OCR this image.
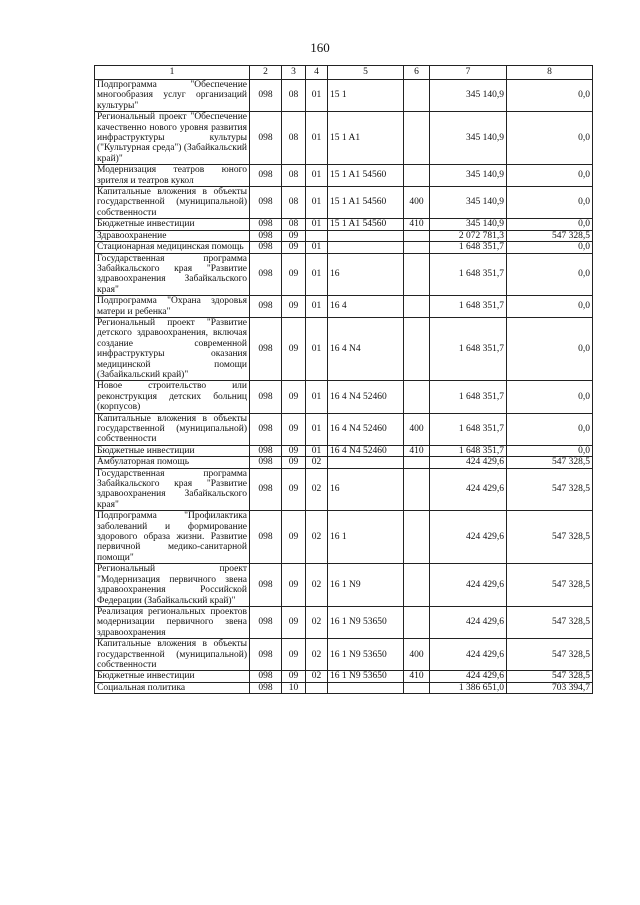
160
1	2	3	4	5	6	7	8
Подпрограмма "Обеспечение многообразия услуг организаций культуры"	098	08	01	15 1		345 140,9	0,0
Региональный проект "Обеспечение качественно нового уровня развития инфраструктуры культуры ("Культурная среда") (Забайкальский край)"	098	08	01	15 1 A1		345 140,9	0,0
Модернизация театров юного зрителя и театров кукол	098	08	01	15 1 A1 54560		345 140,9	0,0
Капитальные вложения в объекты государственной (муниципальной) собственности	098	08	01	15 1 A1 54560	400	345 140,9	0,0
Бюджетные инвестиции	098	08	01	15 1 A1 54560	410	345 140,9	0,0
Здравоохранение	098	09				2 072 781,3	547 328,5
Стационарная медицинская помощь	098	09	01			1 648 351,7	0,0
Государственная программа Забайкальского края "Развитие здравоохранения Забайкальского края"	098	09	01	16		1 648 351,7	0,0
Подпрограмма "Охрана здоровья матери и ребенка"	098	09	01	16 4		1 648 351,7	0,0
Региональный проект "Развитие детского здравоохранения, включая создание современной инфраструктуры оказания медицинской помощи (Забайкальский край)"	098	09	01	16 4 N4		1 648 351,7	0,0
Новое строительство или реконструкция детских больниц (корпусов)	098	09	01	16 4 N4 52460		1 648 351,7	0,0
Капитальные вложения в объекты государственной (муниципальной) собственности	098	09	01	16 4 N4 52460	400	1 648 351,7	0,0
Бюджетные инвестиции	098	09	01	16 4 N4 52460	410	1 648 351,7	0,0
Амбулаторная помощь	098	09	02			424 429,6	547 328,5
Государственная программа Забайкальского края "Развитие здравоохранения Забайкальского края"	098	09	02	16		424 429,6	547 328,5
Подпрограмма "Профилактика заболеваний и формирование здорового образа жизни. Развитие первичной медико-санитарной помощи"	098	09	02	16 1		424 429,6	547 328,5
Региональный проект "Модернизация первичного звена здравоохранения Российской Федерации (Забайкальский край)"	098	09	02	16 1 N9		424 429,6	547 328,5
Реализация региональных проектов модернизации первичного звена здравоохранения	098	09	02	16 1 N9 53650		424 429,6	547 328,5
Капитальные вложения в объекты государственной (муниципальной) собственности	098	09	02	16 1 N9 53650	400	424 429,6	547 328,5
Бюджетные инвестиции	098	09	02	16 1 N9 53650	410	424 429,6	547 328,5
Социальная политика	098	10				1 386 651,0	703 394,7
